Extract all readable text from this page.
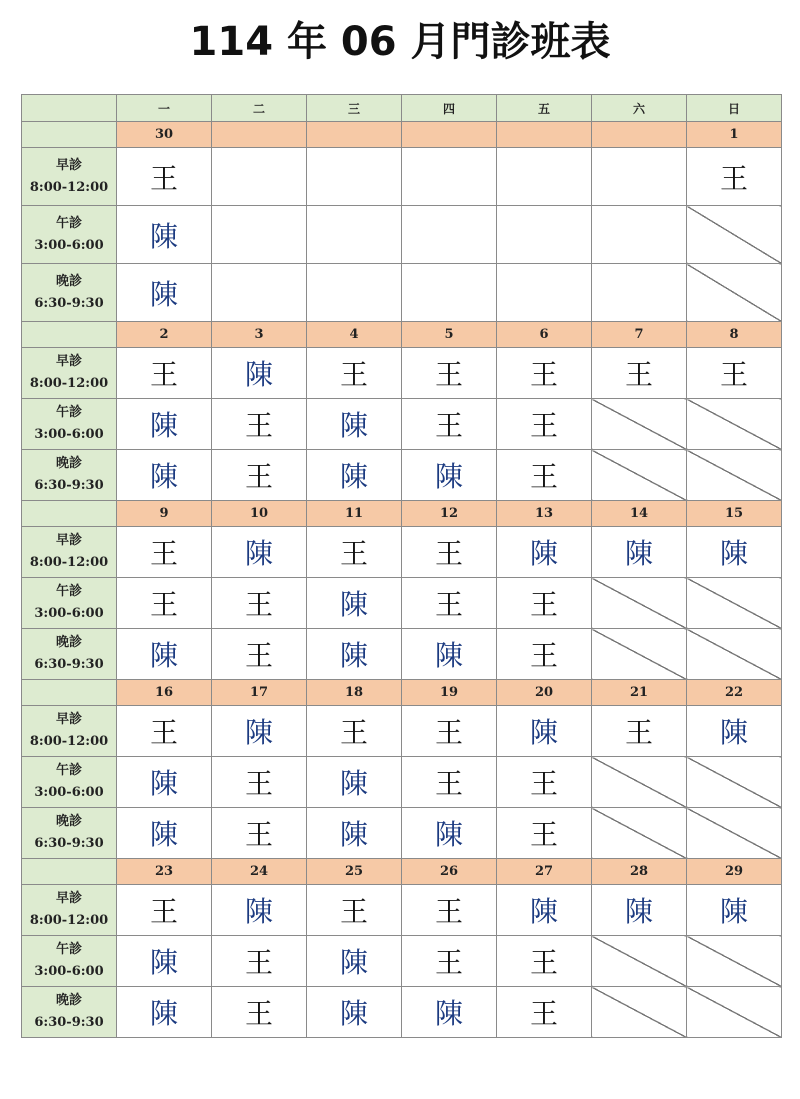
114 年 06 月門診班表
	一	二	三	四	五	六	日
	30						1

早診
8:00-12:00	王						王

午診
3:00-6:00	陳						

晚診
6:30-9:30	陳						
	2	3	4	5	6	7	8

早診
8:00-12:00	王	陳	王	王	王	王	王

午診
3:00-6:00	陳	王	陳	王	王		

晚診
6:30-9:30	陳	王	陳	陳	王		
	9	10	11	12	13	14	15

早診
8:00-12:00	王	陳	王	王	陳	陳	陳

午診
3:00-6:00	王	王	陳	王	王		

晚診
6:30-9:30	陳	王	陳	陳	王		
	16	17	18	19	20	21	22

早診
8:00-12:00	王	陳	王	王	陳	王	陳

午診
3:00-6:00	陳	王	陳	王	王		

晚診
6:30-9:30	陳	王	陳	陳	王		
	23	24	25	26	27	28	29

早診
8:00-12:00	王	陳	王	王	陳	陳	陳

午診
3:00-6:00	陳	王	陳	王	王		

晚診
6:30-9:30	陳	王	陳	陳	王		
